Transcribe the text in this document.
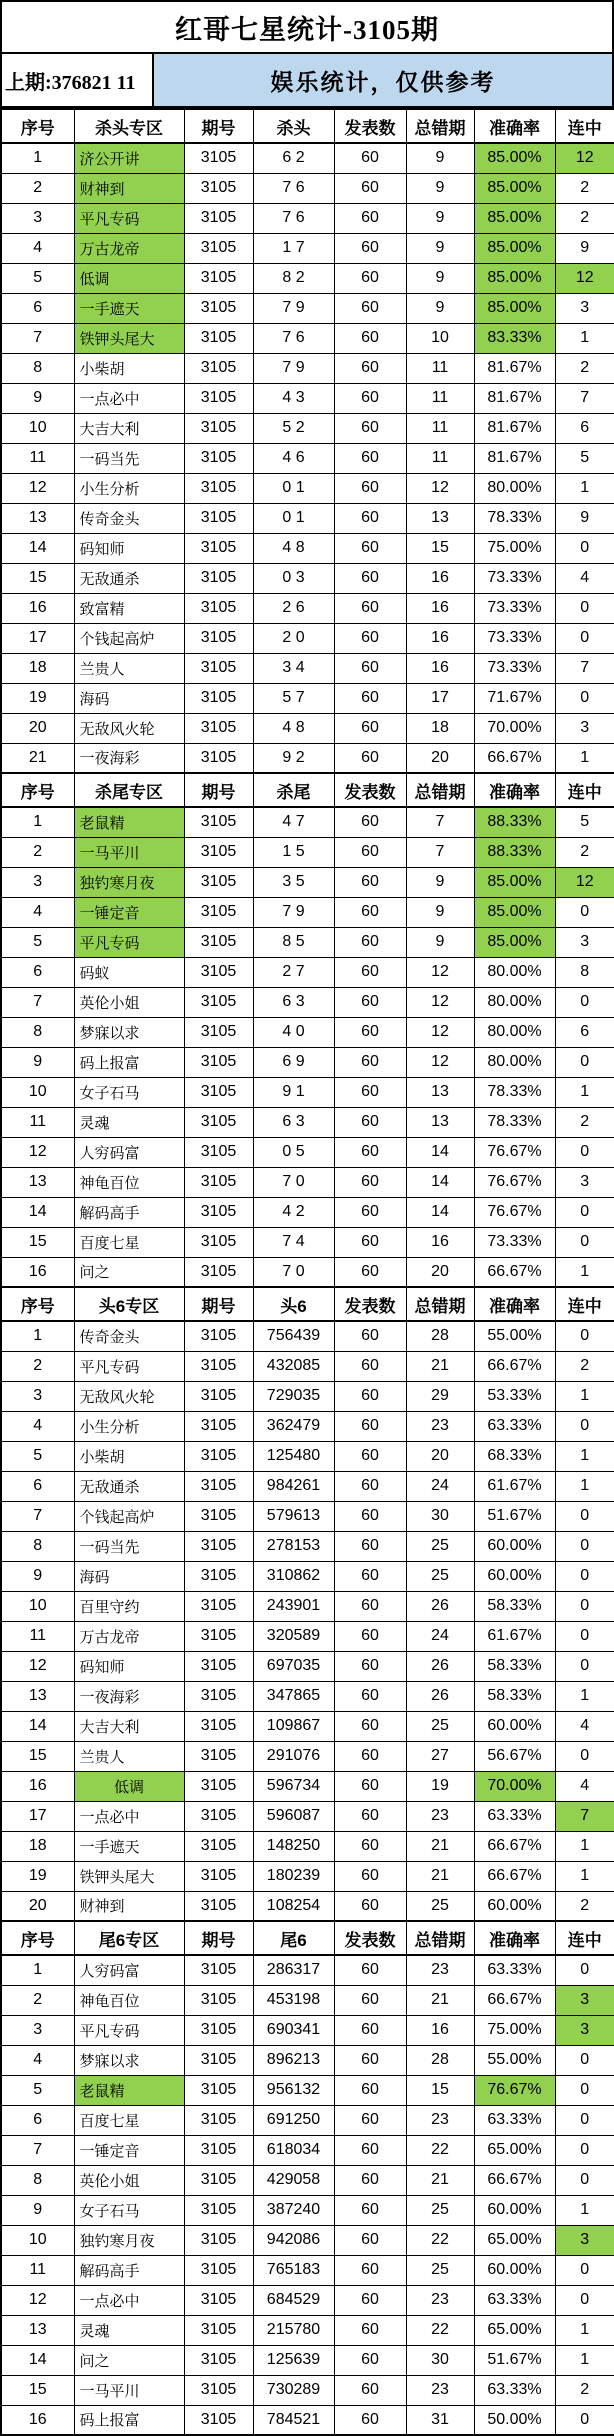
红哥七星统计-3105期
上期:376821 11	娱乐统计，仅供参考
序号	杀头专区	期号	杀头	发表数	总错期	准确率	连中
1	济公开讲	3105	6 2	60	9	85.00%	12
2	财神到	3105	7 6	60	9	85.00%	2
3	平凡专码	3105	7 6	60	9	85.00%	2
4	万古龙帝	3105	1 7	60	9	85.00%	9
5	低调	3105	8 2	60	9	85.00%	12
6	一手遮天	3105	7 9	60	9	85.00%	3
7	铁钾头尾大	3105	7 6	60	10	83.33%	1
8	小柴胡	3105	7 9	60	11	81.67%	2
9	一点必中	3105	4 3	60	11	81.67%	7
10	大吉大利	3105	5 2	60	11	81.67%	6
11	一码当先	3105	4 6	60	11	81.67%	5
12	小生分析	3105	0 1	60	12	80.00%	1
13	传奇金头	3105	0 1	60	13	78.33%	9
14	码知师	3105	4 8	60	15	75.00%	0
15	无敌通杀	3105	0 3	60	16	73.33%	4
16	致富精	3105	2 6	60	16	73.33%	0
17	个钱起高炉	3105	2 0	60	16	73.33%	0
18	兰贵人	3105	3 4	60	16	73.33%	7
19	海码	3105	5 7	60	17	71.67%	0
20	无敌风火轮	3105	4 8	60	18	70.00%	3
21	一夜海彩	3105	9 2	60	20	66.67%	1
序号	杀尾专区	期号	杀尾	发表数	总错期	准确率	连中
1	老鼠精	3105	4 7	60	7	88.33%	5
2	一马平川	3105	1 5	60	7	88.33%	2
3	独钓寒月夜	3105	3 5	60	9	85.00%	12
4	一锤定音	3105	7 9	60	9	85.00%	0
5	平凡专码	3105	8 5	60	9	85.00%	3
6	码蚁	3105	2 7	60	12	80.00%	8
7	英伦小姐	3105	6 3	60	12	80.00%	0
8	梦寐以求	3105	4 0	60	12	80.00%	6
9	码上报富	3105	6 9	60	12	80.00%	0
10	女子石马	3105	9 1	60	13	78.33%	1
11	灵魂	3105	6 3	60	13	78.33%	2
12	人穷码富	3105	0 5	60	14	76.67%	0
13	神龟百位	3105	7 0	60	14	76.67%	3
14	解码高手	3105	4 2	60	14	76.67%	0
15	百度七星	3105	7 4	60	16	73.33%	0
16	问之	3105	7 0	60	20	66.67%	1
序号	头6专区	期号	头6	发表数	总错期	准确率	连中
1	传奇金头	3105	756439	60	28	55.00%	0
2	平凡专码	3105	432085	60	21	66.67%	2
3	无敌风火轮	3105	729035	60	29	53.33%	1
4	小生分析	3105	362479	60	23	63.33%	0
5	小柴胡	3105	125480	60	20	68.33%	1
6	无敌通杀	3105	984261	60	24	61.67%	1
7	个钱起高炉	3105	579613	60	30	51.67%	0
8	一码当先	3105	278153	60	25	60.00%	0
9	海码	3105	310862	60	25	60.00%	0
10	百里守约	3105	243901	60	26	58.33%	0
11	万古龙帝	3105	320589	60	24	61.67%	0
12	码知师	3105	697035	60	26	58.33%	0
13	一夜海彩	3105	347865	60	26	58.33%	1
14	大吉大利	3105	109867	60	25	60.00%	4
15	兰贵人	3105	291076	60	27	56.67%	0
16	低调	3105	596734	60	19	70.00%	4
17	一点必中	3105	596087	60	23	63.33%	7
18	一手遮天	3105	148250	60	21	66.67%	1
19	铁钾头尾大	3105	180239	60	21	66.67%	1
20	财神到	3105	108254	60	25	60.00%	2
序号	尾6专区	期号	尾6	发表数	总错期	准确率	连中
1	人穷码富	3105	286317	60	23	63.33%	0
2	神龟百位	3105	453198	60	21	66.67%	3
3	平凡专码	3105	690341	60	16	75.00%	3
4	梦寐以求	3105	896213	60	28	55.00%	0
5	老鼠精	3105	956132	60	15	76.67%	0
6	百度七星	3105	691250	60	23	63.33%	0
7	一锤定音	3105	618034	60	22	65.00%	0
8	英伦小姐	3105	429058	60	21	66.67%	0
9	女子石马	3105	387240	60	25	60.00%	1
10	独钓寒月夜	3105	942086	60	22	65.00%	3
11	解码高手	3105	765183	60	25	60.00%	0
12	一点必中	3105	684529	60	23	63.33%	0
13	灵魂	3105	215780	60	22	65.00%	1
14	问之	3105	125639	60	30	51.67%	1
15	一马平川	3105	730289	60	23	63.33%	2
16	码上报富	3105	784521	60	31	50.00%	0
